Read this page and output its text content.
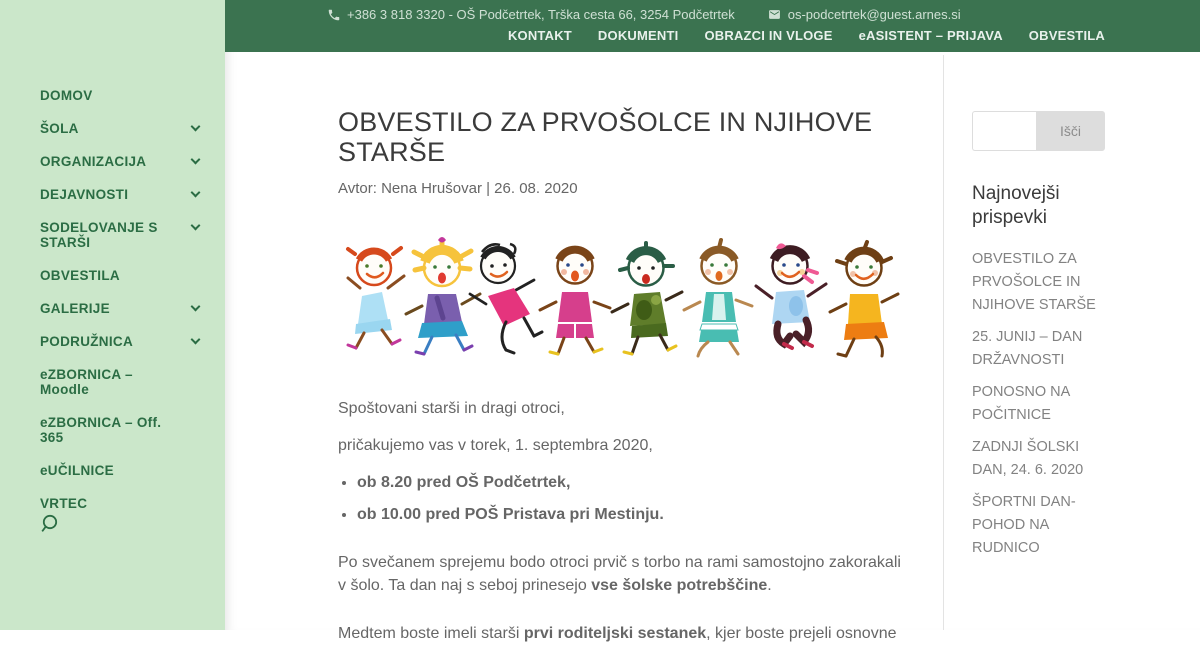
+386 3 818 3320 - OŠ Podčetrtek, Trška cesta 66, 3254 Podčetrtek	os-podcetrtek@guest.arnes.si
KONTAKT DOKUMENTI OBRAZCI IN VLOGE eASISTENT – PRIJAVA OBVESTILA
DOMOV
ŠOLA
ORGANIZACIJA
DEJAVNOSTI
SODELOVANJE S STARŠI
OBVESTILA
GALERIJE
PODRUŽNICA
eZBORNICA – Moodle
eZBORNICA – Off. 365
eUČILNICE
VRTEC
OBVESTILO ZA PRVOŠOLCE IN NJIHOVE STARŠE
Avtor: Nena Hrušovar | 26. 08. 2020

Spoštovani starši in dragi otroci,

pričakujemo vas v torek, 1. septembra 2020,

• ob 8.20 pred OŠ Podčetrtek,
• ob 10.00 pred POŠ Pristava pri Mestinju.

Po svečanem sprejemu bodo otroci prvič s torbo na rami samostojno zakorakali v šolo. Ta dan naj s seboj prinesejo vse šolske potrebščine.

Medtem boste imeli starši prvi roditeljski sestanek, kjer boste prejeli osnovne

Išči
Najnovejši prispevki
OBVESTILO ZA PRVOŠOLCE IN NJIHOVE STARŠE
25. JUNIJ – DAN DRŽAVNOSTI
PONOSNO NA POČITNICE
ZADNJI ŠOLSKI DAN, 24. 6. 2020
ŠPORTNI DAN- POHOD NA RUDNICO
